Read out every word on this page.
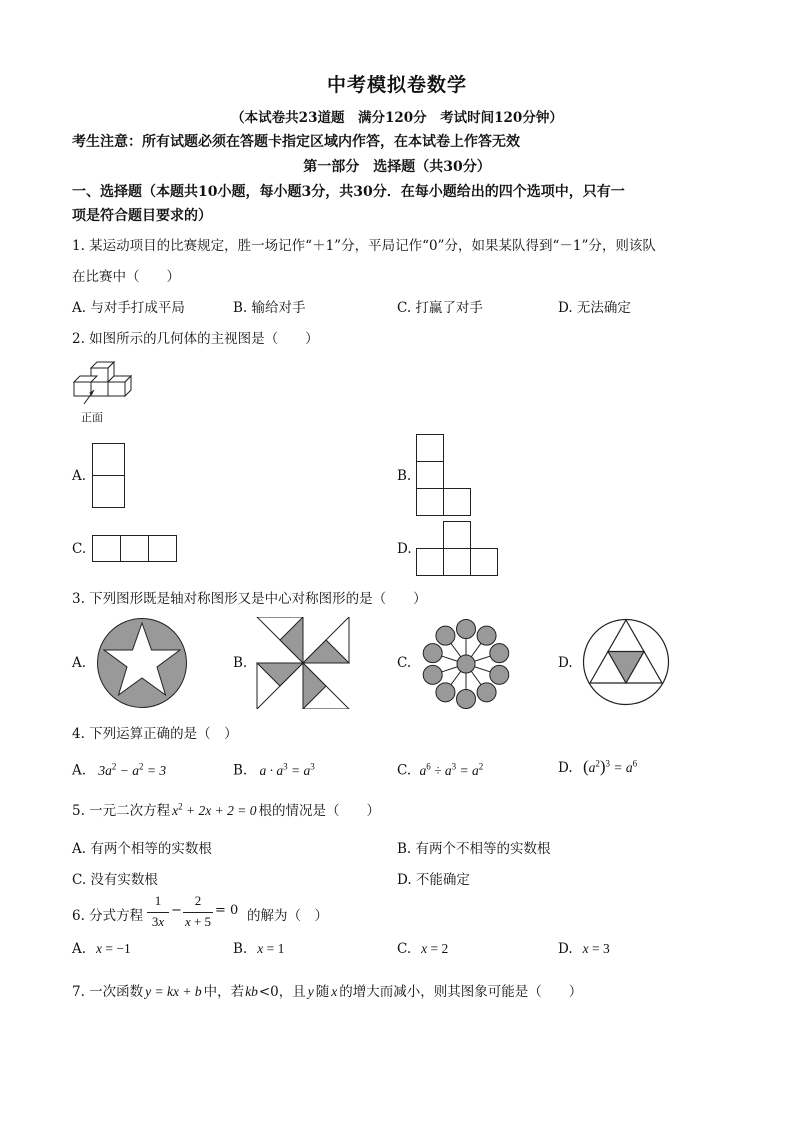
中考模拟卷数学
（本试卷共23道题　满分120分　考试时间120分钟）
考生注意：所有试题必须在答题卡指定区域内作答，在本试卷上作答无效
第一部分　选择题（共30分）
一、选择题（本题共10小题，每小题3分，共30分．在每小题给出的四个选项中，只有一
项是符合题目要求的）
1. 某运动项目的比赛规定，胜一场记作“＋1”分，平局记作“0”分，如果某队得到“－1”分，则该队
在比赛中（　　）
A. 与对手打成平局	B. 输给对手	C. 打赢了对手	D. 无法确定
2. 如图所示的几何体的主视图是（　　）
正面
A.	B.
C.	D.
3. 下列图形既是轴对称图形又是中心对称图形的是（　　）
A.	B.	C.	D.
4. 下列运算正确的是（　）
A. $3a^2 - a^2 = 3$	B. $a \cdot a^3 = a^3$	C. $a^6 \div a^3 = a^2$	D. $(a^2)^3 = a^6$
5. 一元二次方程 $x^2 + 2x + 2 = 0$ 根的情况是（　　）
A. 有两个相等的实数根	B. 有两个不相等的实数根
C. 没有实数根	D. 不能确定
6. 分式方程
1
3x
−
2
x + 5
= 0 的解为（　）
A. x = −1	B. x = 1	C. x = 2	D. x = 3
7. 一次函数 y = kx + b 中，若kb<0，且 y 随 x 的增大而减小，则其图象可能是（　　）
